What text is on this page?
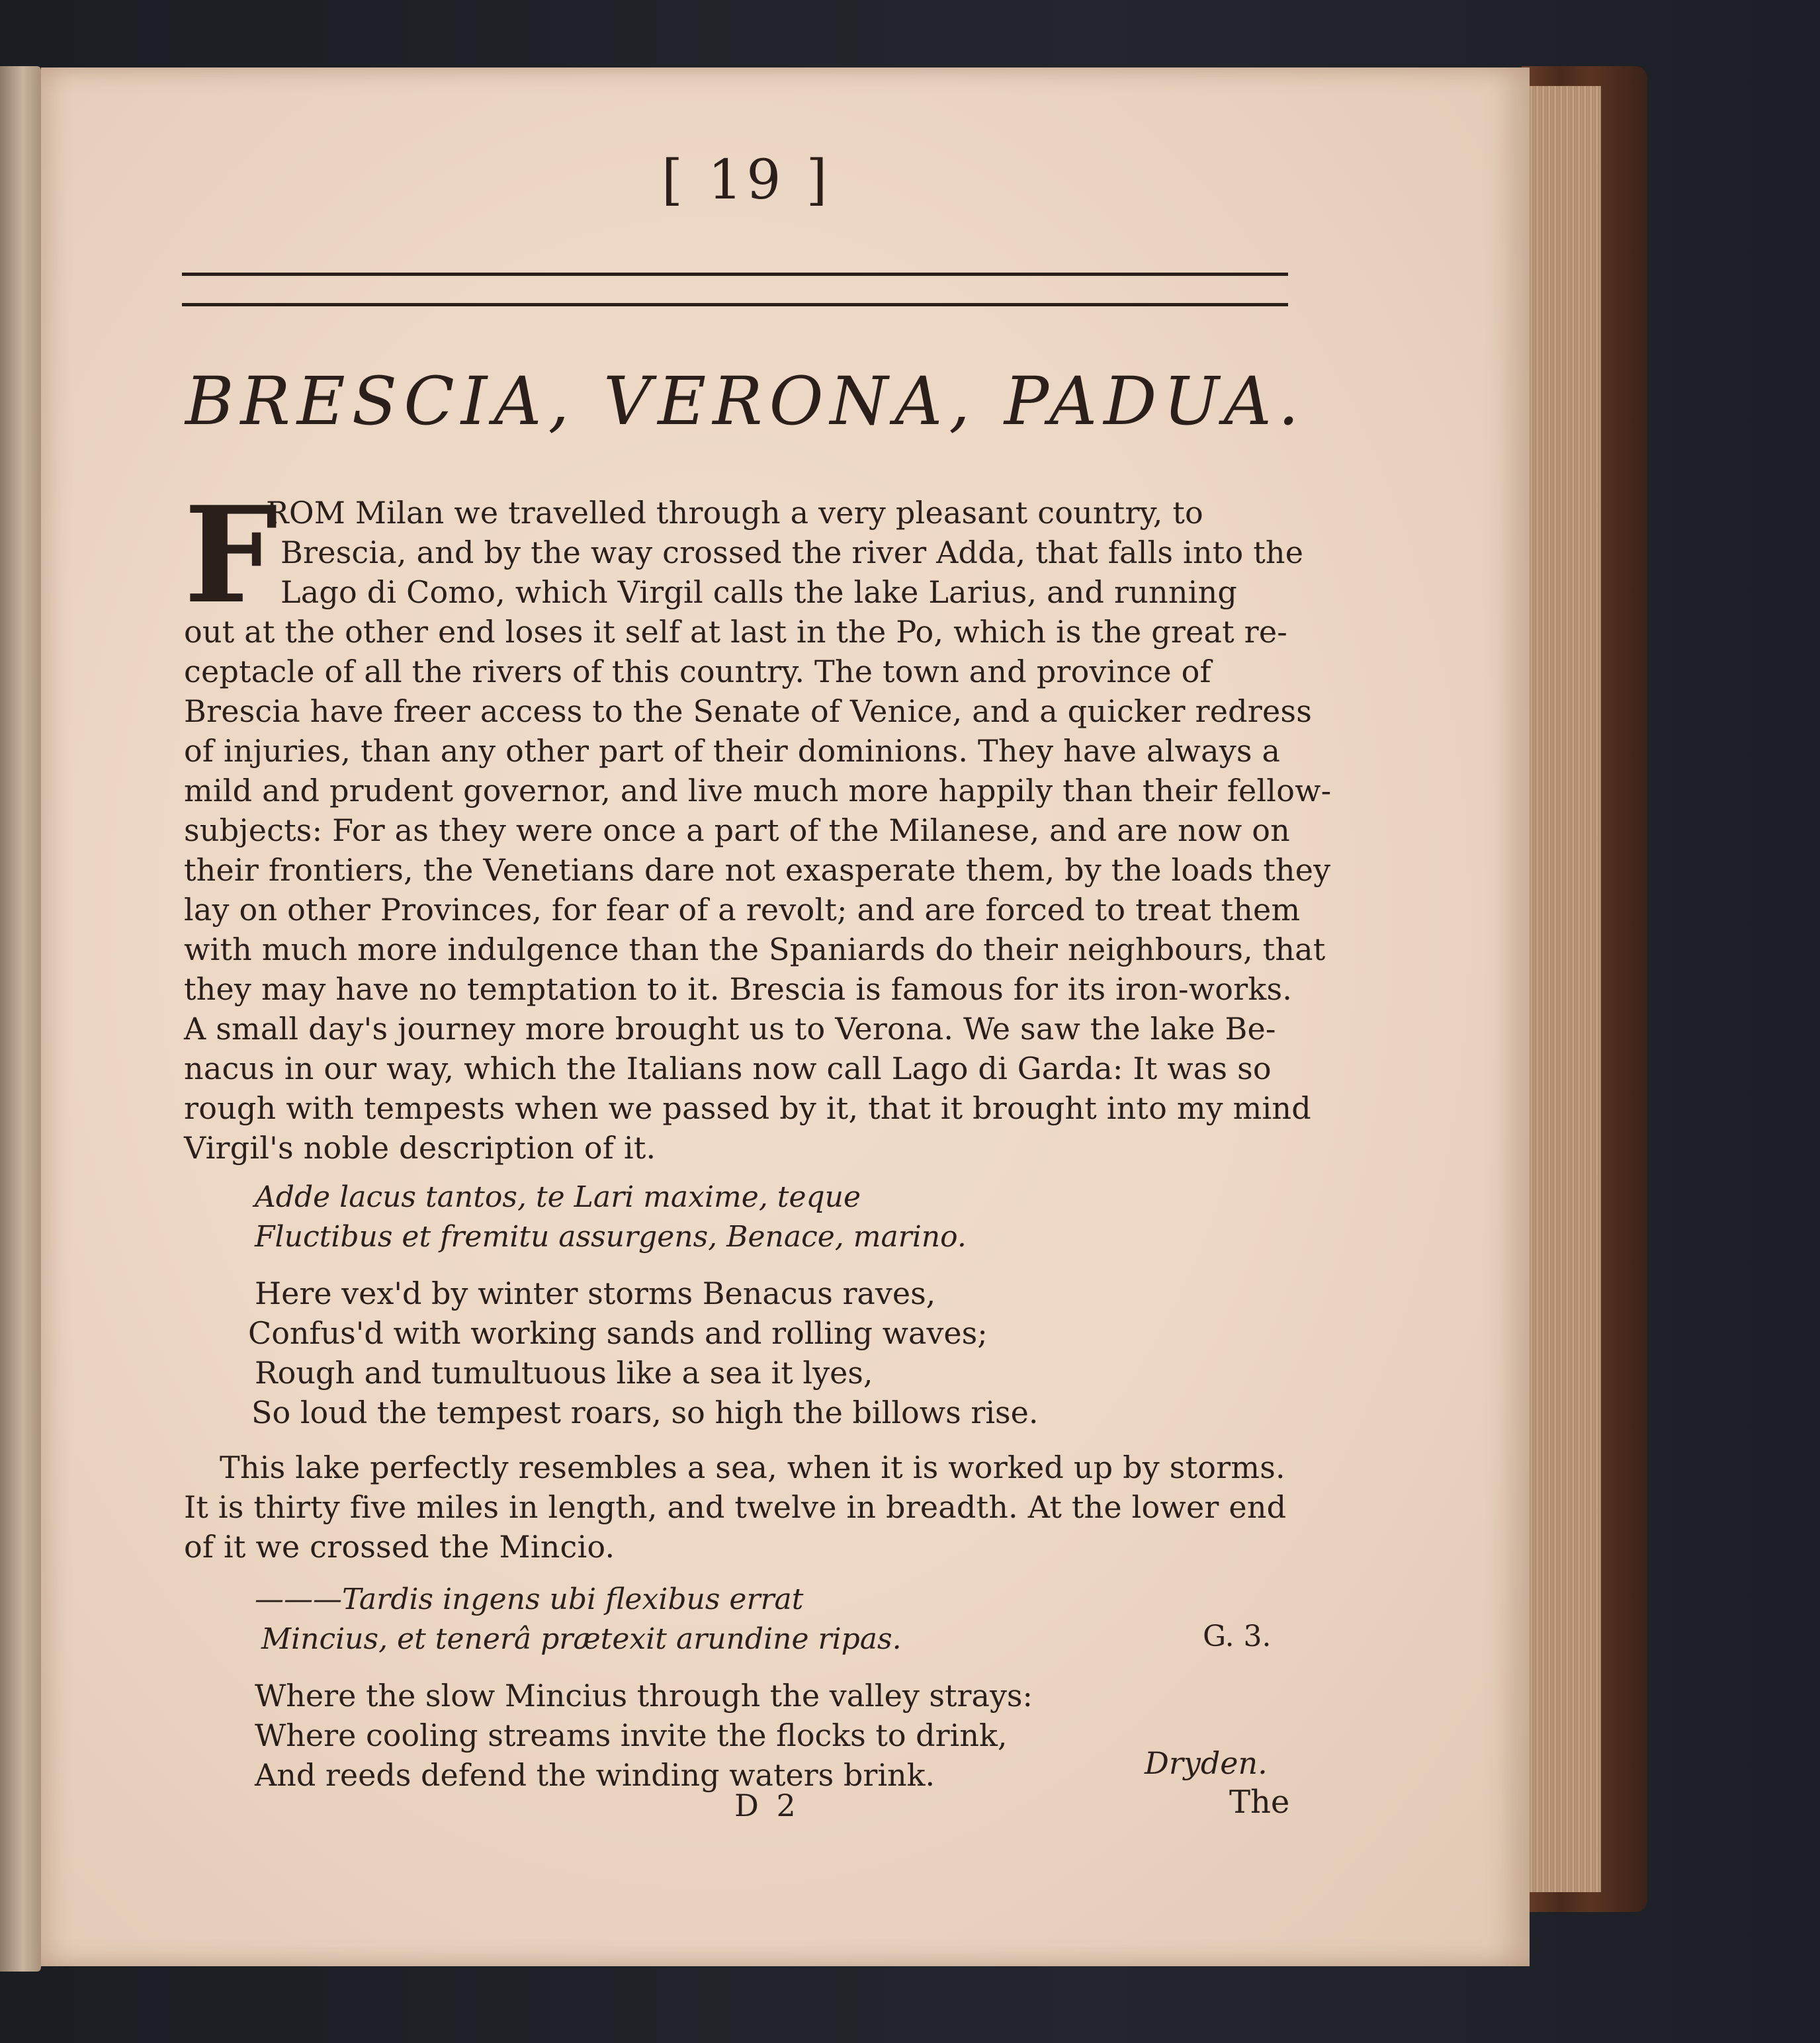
[ 19 ]
BRESCIA, VERONA, PADUA.
F
ROM Milan we travelled through a very pleasant country, to
Brescia, and by the way crossed the river Adda, that falls into the
Lago di Como, which Virgil calls the lake Larius, and running
out at the other end loses it self at last in the Po, which is the great re-
ceptacle of all the rivers of this country. The town and province of
Brescia have freer access to the Senate of Venice, and a quicker redress
of injuries, than any other part of their dominions. They have always a
mild and prudent governor, and live much more happily than their fellow-
subjects: For as they were once a part of the Milanese, and are now on
their frontiers, the Venetians dare not exasperate them, by the loads they
lay on other Provinces, for fear of a revolt; and are forced to treat them
with much more indulgence than the Spaniards do their neighbours, that
they may have no temptation to it. Brescia is famous for its iron-works.
A small day's journey more brought us to Verona. We saw the lake Be-
nacus in our way, which the Italians now call Lago di Garda: It was so
rough with tempests when we passed by it, that it brought into my mind
Virgil's noble description of it.
Adde lacus tantos, te Lari maxime, teque
Fluctibus et fremitu assurgens, Benace, marino.
Here vex'd by winter storms Benacus raves,
Confus'd with working sands and rolling waves;
Rough and tumultuous like a sea it lyes,
So loud the tempest roars, so high the billows rise.
This lake perfectly resembles a sea, when it is worked up by storms.
It is thirty five miles in length, and twelve in breadth. At the lower end
of it we crossed the Mincio.
———Tardis ingens ubi flexibus errat
Mincius, et tenerâ prætexit arundine ripas.	G. 3.
Where the slow Mincius through the valley strays:
Where cooling streams invite the flocks to drink,
And reeds defend the winding waters brink.	Dryden.
D 2	The
